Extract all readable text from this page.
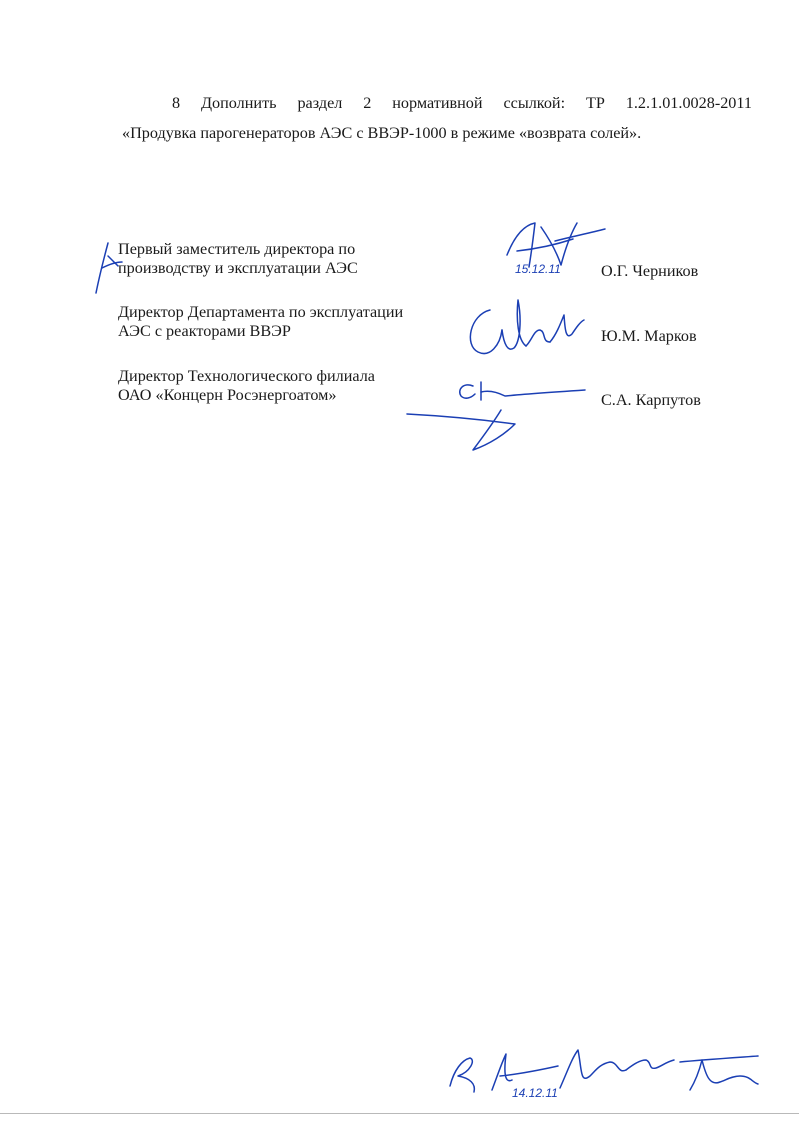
8 Дополнить раздел 2 нормативной ссылкой: ТР 1.2.1.01.0028-2011
«Продувка парогенераторов АЭС с ВВЭР-1000 в режиме «возврата солей».

Первый заместитель директора по
производству и эксплуатации АЭС	О.Г. Черников

15.12.11

Директор Департамента по эксплуатации
АЭС с реакторами ВВЭР	Ю.М. Марков

Директор Технологического филиала
ОАО «Концерн Росэнергоатом»	С.А. Карпутов

14.12.11
